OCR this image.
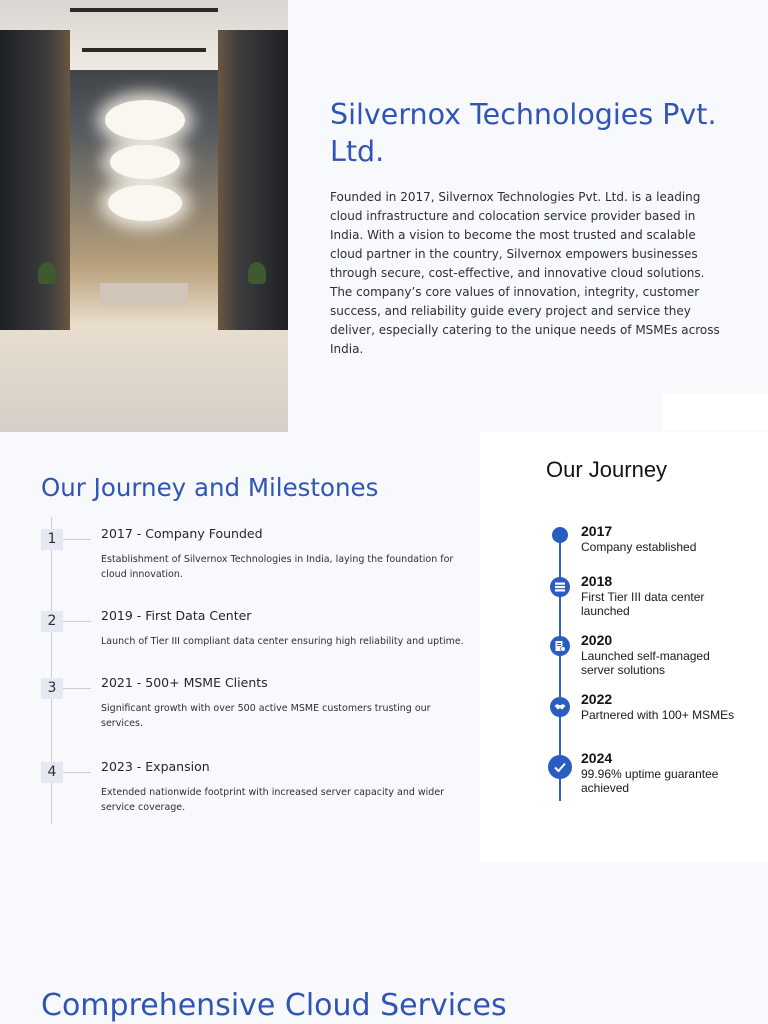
Silvernox Technologies Pvt. Ltd.

Founded in 2017, Silvernox Technologies Pvt. Ltd. is a leading cloud infrastructure and colocation service provider based in India. With a vision to become the most trusted and scalable cloud partner in the country, Silvernox empowers businesses through secure, cost-effective, and innovative cloud solutions. The company’s core values of innovation, integrity, customer success, and reliability guide every project and service they deliver, especially catering to the unique needs of MSMEs across India.

Our Journey and Milestones
1	2017 - Company Founded
Establishment of Silvernox Technologies in India, laying the foundation for cloud innovation.
2	2019 - First Data Center
Launch of Tier III compliant data center ensuring high reliability and uptime.
3	2021 - 500+ MSME Clients
Significant growth with over 500 active MSME customers trusting our services.
4	2023 - Expansion
Extended nationwide footprint with increased server capacity and wider service coverage.
Our Journey
2017
Company established
2018
First Tier III data center launched
2020
Launched self-managed server solutions
2022
Partnered with 100+ MSMEs
2024
99.96% uptime guarantee achieved
Comprehensive Cloud Services
